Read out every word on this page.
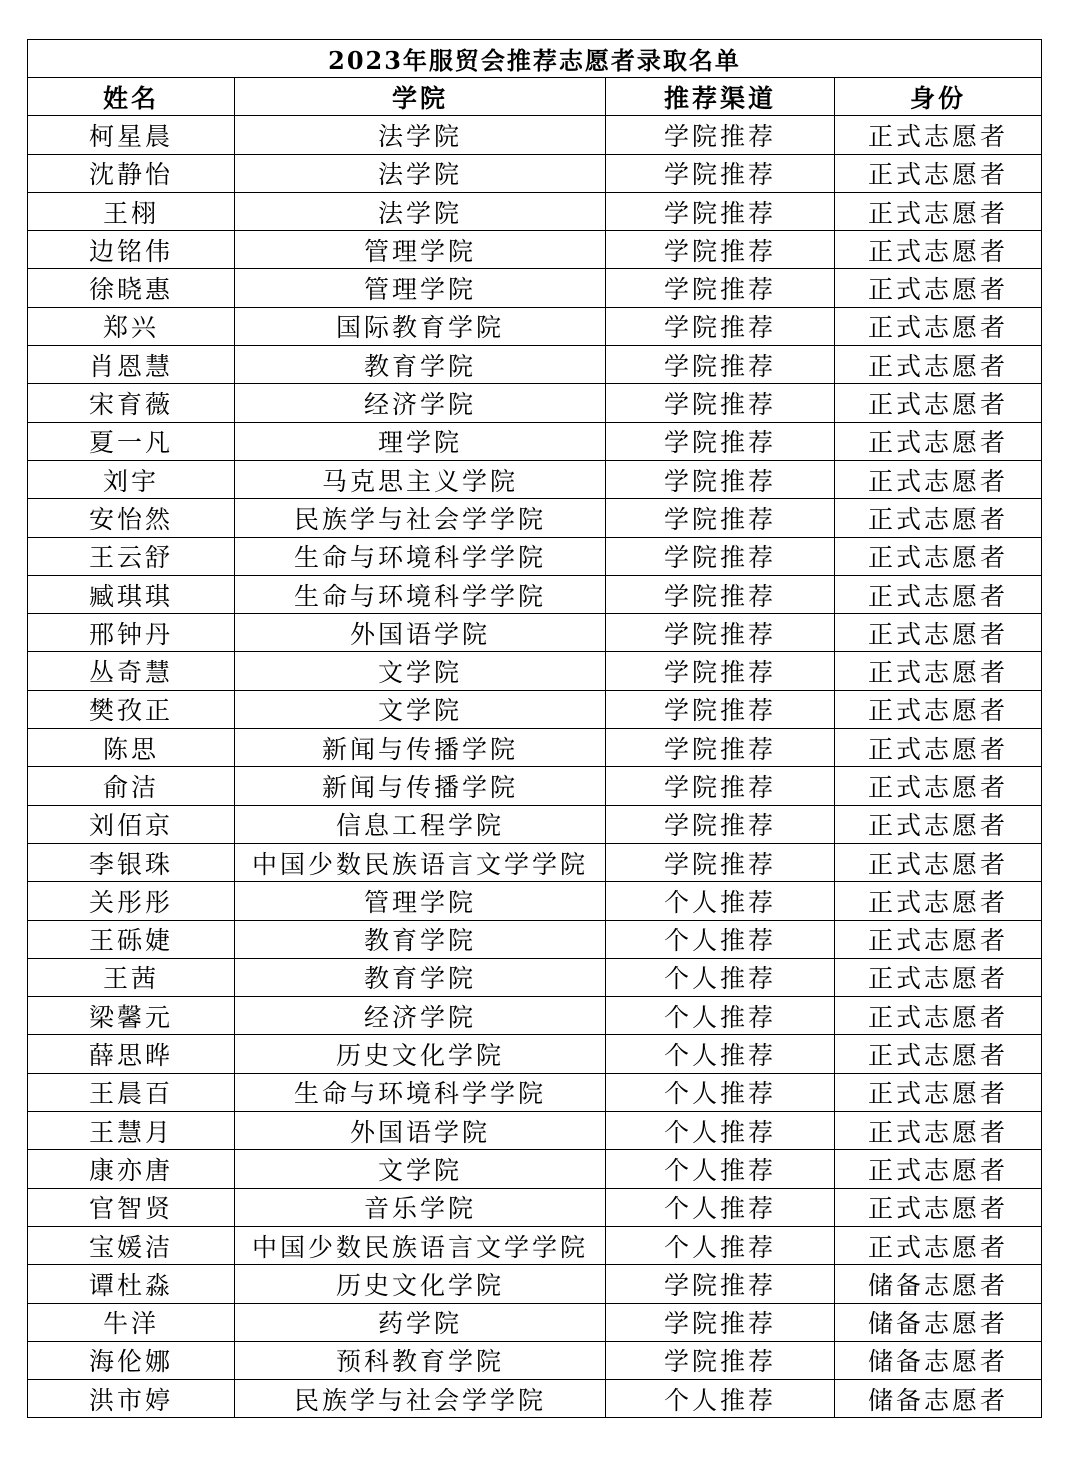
2023年服贸会推荐志愿者录取名单			
姓名	学院	推荐渠道	身份
柯星晨	法学院	学院推荐	正式志愿者
沈静怡	法学院	学院推荐	正式志愿者
王栩	法学院	学院推荐	正式志愿者
边铭伟	管理学院	学院推荐	正式志愿者
徐晓惠	管理学院	学院推荐	正式志愿者
郑兴	国际教育学院	学院推荐	正式志愿者
肖恩慧	教育学院	学院推荐	正式志愿者
宋育薇	经济学院	学院推荐	正式志愿者
夏一凡	理学院	学院推荐	正式志愿者
刘宇	马克思主义学院	学院推荐	正式志愿者
安怡然	民族学与社会学学院	学院推荐	正式志愿者
王云舒	生命与环境科学学院	学院推荐	正式志愿者
臧琪琪	生命与环境科学学院	学院推荐	正式志愿者
邢钟丹	外国语学院	学院推荐	正式志愿者
丛奇慧	文学院	学院推荐	正式志愿者
樊孜正	文学院	学院推荐	正式志愿者
陈思	新闻与传播学院	学院推荐	正式志愿者
俞洁	新闻与传播学院	学院推荐	正式志愿者
刘佰京	信息工程学院	学院推荐	正式志愿者
李银珠	中国少数民族语言文学学院	学院推荐	正式志愿者
关彤彤	管理学院	个人推荐	正式志愿者
王砾婕	教育学院	个人推荐	正式志愿者
王茜	教育学院	个人推荐	正式志愿者
梁馨元	经济学院	个人推荐	正式志愿者
薛思晔	历史文化学院	个人推荐	正式志愿者
王晨百	生命与环境科学学院	个人推荐	正式志愿者
王慧月	外国语学院	个人推荐	正式志愿者
康亦唐	文学院	个人推荐	正式志愿者
官智贤	音乐学院	个人推荐	正式志愿者
宝媛洁	中国少数民族语言文学学院	个人推荐	正式志愿者
谭杜淼	历史文化学院	学院推荐	储备志愿者
牛洋	药学院	学院推荐	储备志愿者
海伦娜	预科教育学院	学院推荐	储备志愿者
洪市婷	民族学与社会学学院	个人推荐	储备志愿者
